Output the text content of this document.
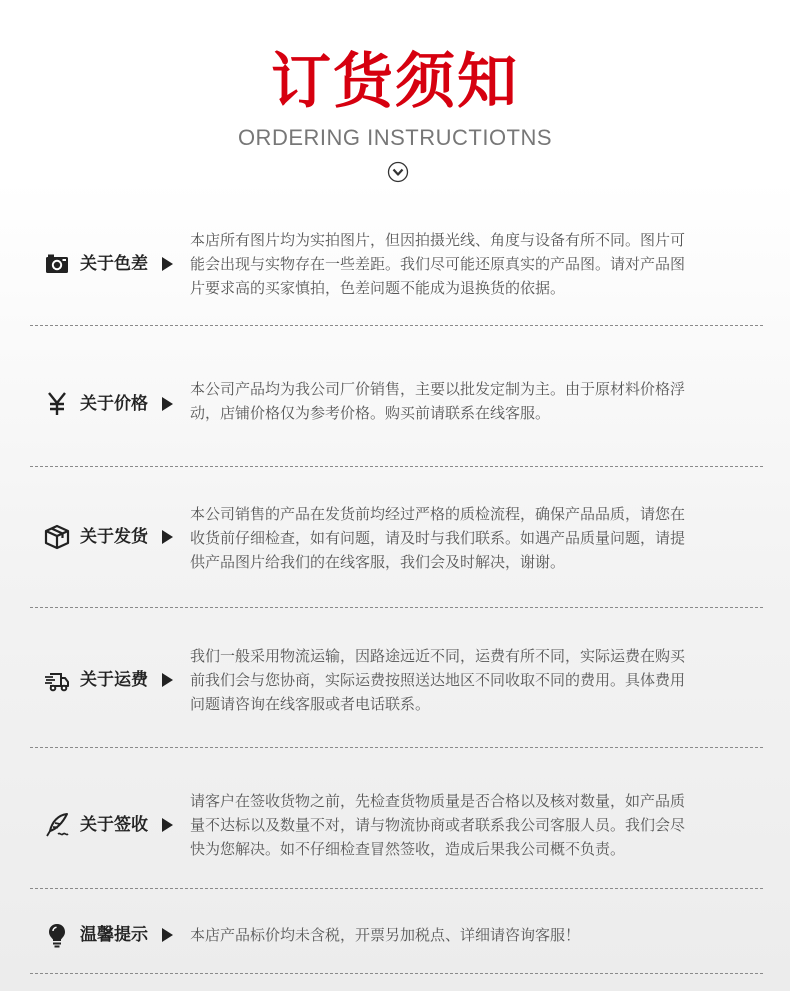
订货须知
ORDERING INSTRUCTIOTNS
关于色差

本店所有图片均为实拍图片，但因拍摄光线、角度与设备有所不同。图片可

能会出现与实物存在一些差距。我们尽可能还原真实的产品图。请对产品图

片要求高的买家慎拍，色差问题不能成为退换货的依据。

关于价格

本公司产品均为我公司厂价销售，主要以批发定制为主。由于原材料价格浮

动，店铺价格仅为参考价格。购买前请联系在线客服。

关于发货

本公司销售的产品在发货前均经过严格的质检流程，确保产品品质，请您在

收货前仔细检查，如有问题，请及时与我们联系。如遇产品质量问题，请提

供产品图片给我们的在线客服，我们会及时解决，谢谢。

关于运费

我们一般采用物流运输，因路途远近不同，运费有所不同，实际运费在购买

前我们会与您协商，实际运费按照送达地区不同收取不同的费用。具体费用

问题请咨询在线客服或者电话联系。

关于签收

请客户在签收货物之前，先检查货物质量是否合格以及核对数量，如产品质

量不达标以及数量不对，请与物流协商或者联系我公司客服人员。我们会尽

快为您解决。如不仔细检查冒然签收，造成后果我公司概不负责。

温馨提示	本店产品标价均未含税，开票另加税点、详细请咨询客服！
